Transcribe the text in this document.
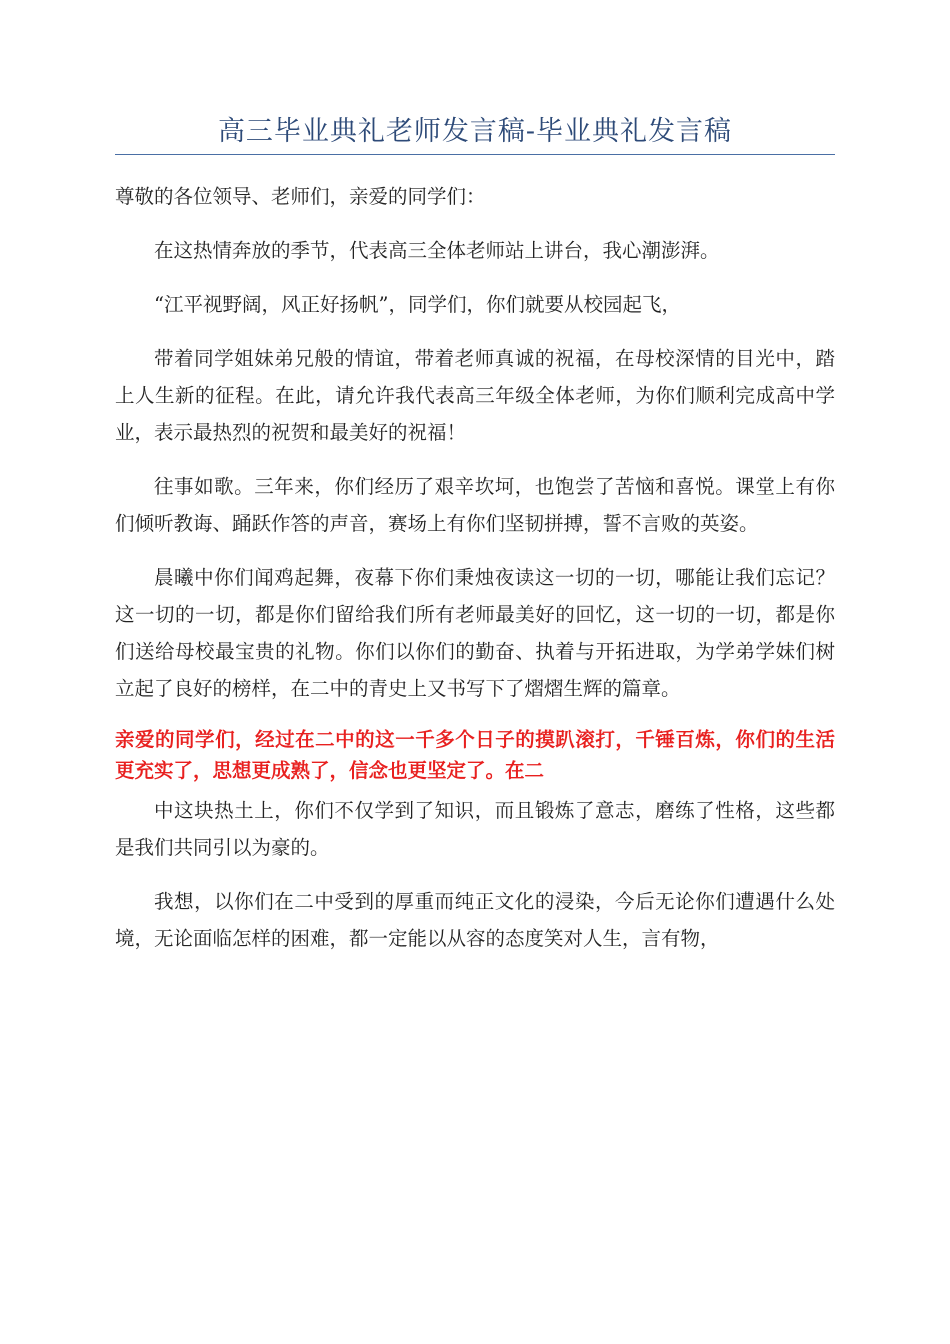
高三毕业典礼老师发言稿-毕业典礼发言稿

尊敬的各位领导、老师们，亲爱的同学们：

在这热情奔放的季节，代表高三全体老师站上讲台，我心潮澎湃。

“江平视野阔，风正好扬帆”，同学们，你们就要从校园起飞，

带着同学姐妹弟兄般的情谊，带着老师真诚的祝福，在母校深情的目光中，踏上人生新的征程。在此，请允许我代表高三年级全体老师，为你们顺利完成高中学业，表示最热烈的祝贺和最美好的祝福！

往事如歌。三年来，你们经历了艰辛坎坷，也饱尝了苦恼和喜悦。课堂上有你们倾听教诲、踊跃作答的声音，赛场上有你们坚韧拼搏，誓不言败的英姿。

晨曦中你们闻鸡起舞，夜幕下你们秉烛夜读这一切的一切，哪能让我们忘记？这一切的一切，都是你们留给我们所有老师最美好的回忆，这一切的一切，都是你们送给母校最宝贵的礼物。你们以你们的勤奋、执着与开拓进取，为学弟学妹们树立起了良好的榜样，在二中的青史上又书写下了熠熠生辉的篇章。

亲爱的同学们，经过在二中的这一千多个日子的摸趴滚打，千锤百炼，你们的生活更充实了，思想更成熟了，信念也更坚定了。在二

中这块热土上，你们不仅学到了知识，而且锻炼了意志，磨练了性格，这些都是我们共同引以为豪的。

我想，以你们在二中受到的厚重而纯正文化的浸染，今后无论你们遭遇什么处境，无论面临怎样的困难，都一定能以从容的态度笑对人生，言有物，
